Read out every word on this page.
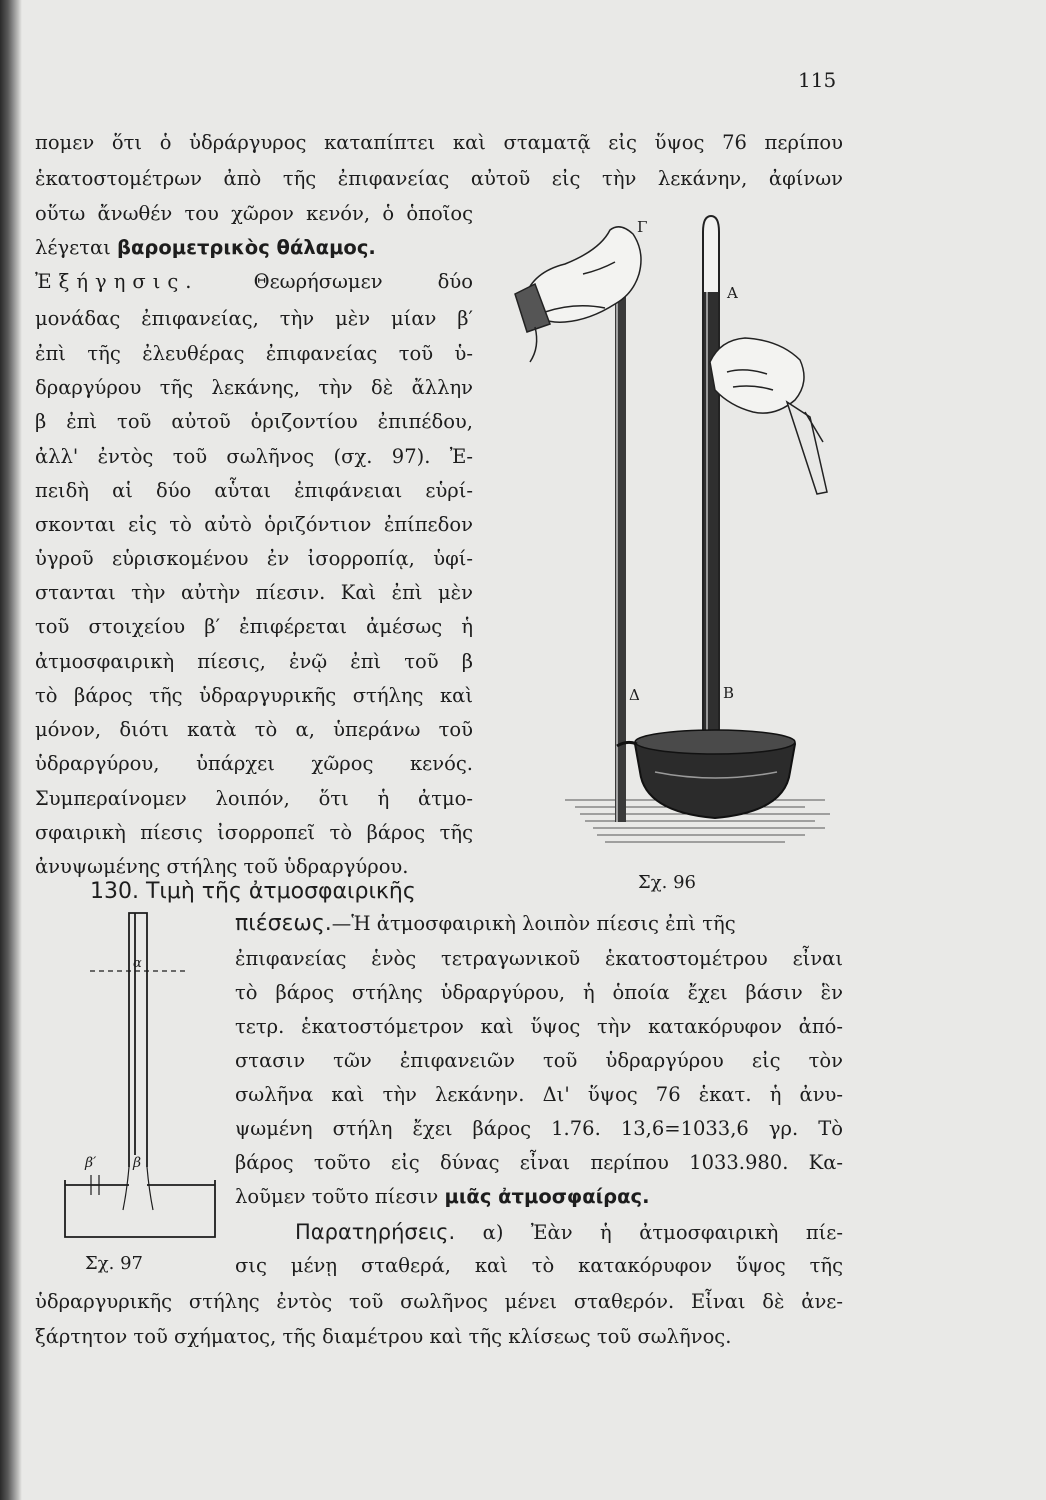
115
πομεν ὅτι ὁ ὑδράργυρος καταπίπτει καὶ σταματᾷ εἰς ὕψος 76 περίπου
ἑκατοστομέτρων ἀπὸ τῆς ἐπιφανείας αὐτοῦ εἰς τὴν λεκάνην, ἀφίνων
οὕτω ἄνωθέν του χῶρον κενόν, ὁ ὁποῖος
λέγεται βαρομετρικὸς θάλαμος.
Ἐξήγησις. Θεωρήσωμεν δύο
μονάδας ἐπιφανείας, τὴν μὲν μίαν β′
ἐπὶ τῆς ἐλευθέρας ἐπιφανείας τοῦ ὑ-
δραργύρου τῆς λεκάνης, τὴν δὲ ἄλλην
β ἐπὶ τοῦ αὐτοῦ ὁριζοντίου ἐπιπέδου,
ἀλλ' ἐντὸς τοῦ σωλῆνος (σχ. 97). Ἐ-
πειδὴ αἱ δύο αὗται ἐπιφάνειαι εὑρί-
σκονται εἰς τὸ αὐτὸ ὁριζόντιον ἐπίπεδον
ὑγροῦ εὑρισκομένου ἐν ἰσορροπίᾳ, ὑφί-
στανται τὴν αὐτὴν πίεσιν. Καὶ ἐπὶ μὲν
τοῦ στοιχείου β′ ἐπιφέρεται ἀμέσως ἡ
ἀτμοσφαιρικὴ πίεσις, ἐνῷ ἐπὶ τοῦ β
τὸ βάρος τῆς ὑδραργυρικῆς στήλης καὶ
μόνον, διότι κατὰ τὸ α, ὑπεράνω τοῦ
ὑδραργύρου, ὑπάρχει χῶρος κενός.
Συμπεραίνομεν λοιπόν, ὅτι ἡ ἀτμο-
σφαιρικὴ πίεσις ἰσορροπεῖ τὸ βάρος τῆς
ἀνυψωμένης στήλης τοῦ ὑδραργύρου.
130. Τιμὴ τῆς ἀτμοσφαιρικῆς
πιέσεως.—Ἡ ἀτμοσφαιρικὴ λοιπὸν πίεσις ἐπὶ τῆς
ἐπιφανείας ἑνὸς τετραγωνικοῦ ἑκατοστομέτρου εἶναι
τὸ βάρος στήλης ὑδραργύρου, ἡ ὁποία ἔχει βάσιν ἓν
τετρ. ἑκατοστόμετρον καὶ ὕψος τὴν κατακόρυφον ἀπό-
στασιν τῶν ἐπιφανειῶν τοῦ ὑδραργύρου εἰς τὸν
σωλῆνα καὶ τὴν λεκάνην. Δι' ὕψος 76 ἑκατ. ἡ ἀνυ-
ψωμένη στήλη ἔχει βάρος 1.76. 13,6=1033,6 γρ. Τὸ
βάρος τοῦτο εἰς δύνας εἶναι περίπου 1033.980. Κα-
λοῦμεν τοῦτο πίεσιν μιᾶς ἀτμοσφαίρας.
Παρατηρήσεις. α) Ἐὰν ἡ ἀτμοσφαιρικὴ πίε-
σις μένῃ σταθερά, καὶ τὸ κατακόρυφον ὕψος τῆς
ὑδραργυρικῆς στήλης ἐντὸς τοῦ σωλῆνος μένει σταθερόν. Εἶναι δὲ ἀνε-
ξάρτητον τοῦ σχήματος, τῆς διαμέτρου καὶ τῆς κλίσεως τοῦ σωλῆνος.
Γ
Α
Δ	Β
Σχ. 96
α
β′	β
Σχ. 97
